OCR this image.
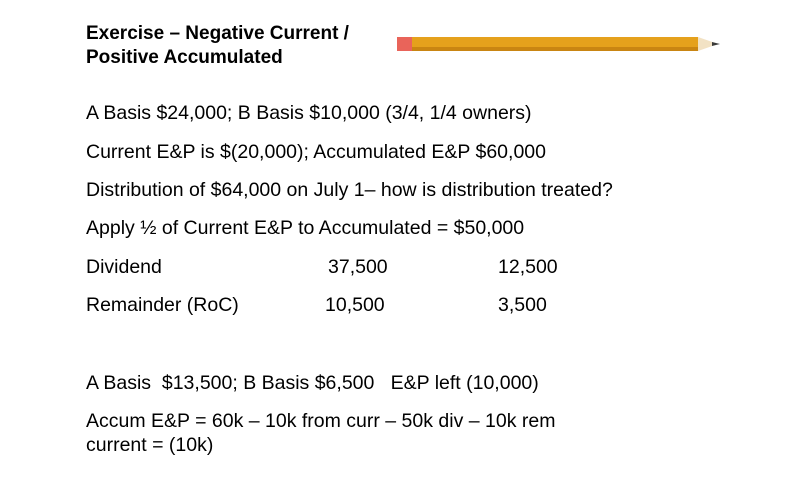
Exercise – Negative Current /
Positive Accumulated
A Basis $24,000; B Basis $10,000 (3/4, 1/4 owners)
Current E&P is $(20,000); Accumulated E&P $60,000
Distribution of $64,000 on July 1– how is distribution treated?
Apply ½ of Current E&P to Accumulated = $50,000
Dividend	37,500	12,500
Remainder (RoC)	10,500	3,500
A Basis  $13,500; B Basis $6,500   E&P left (10,000)
Accum E&P = 60k – 10k from curr – 50k div – 10k rem
current = (10k)
